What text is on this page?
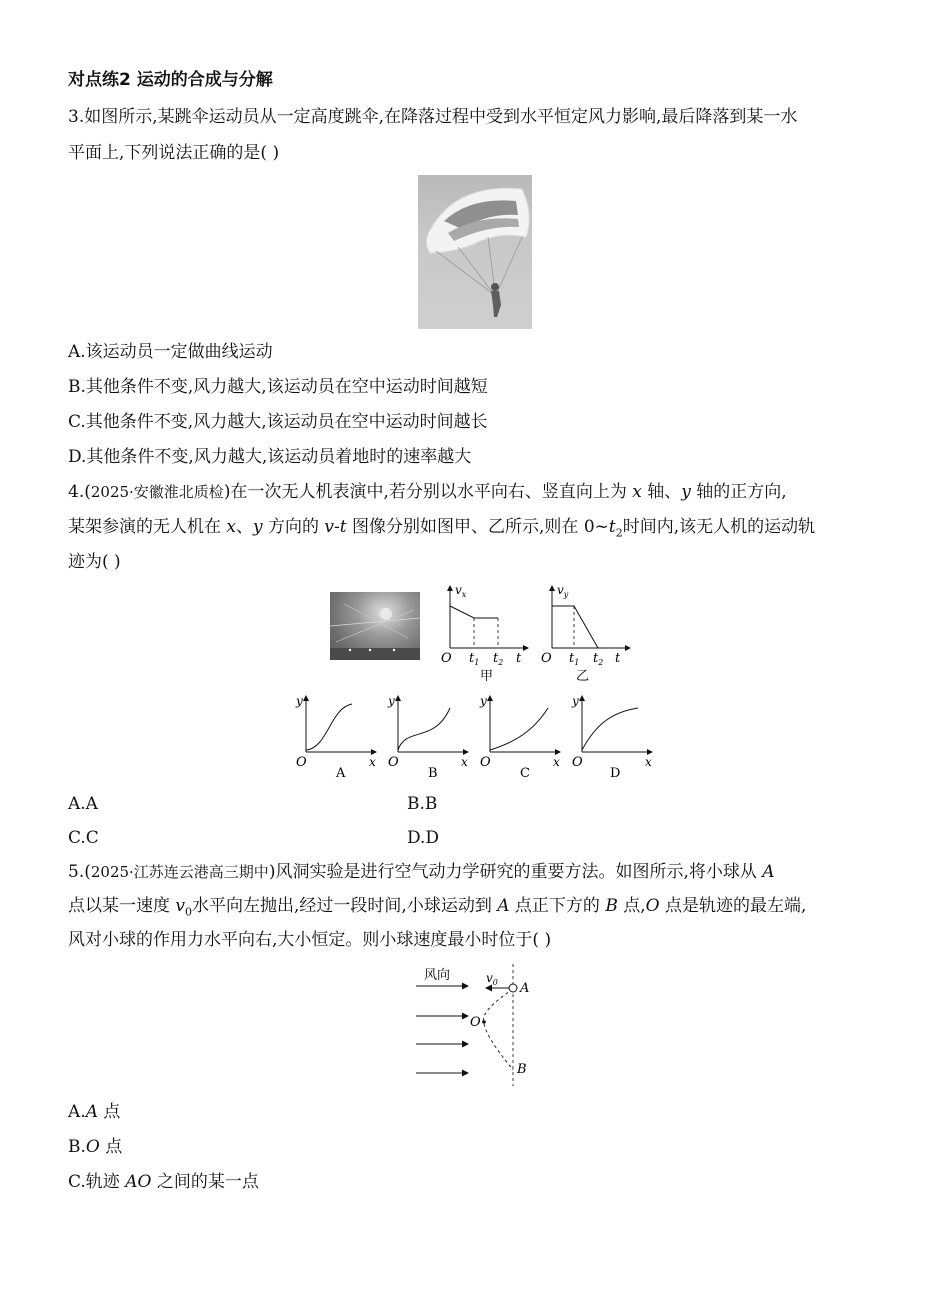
对点练2 运动的合成与分解
3.如图所示,某跳伞运动员从一定高度跳伞,在降落过程中受到水平恒定风力影响,最后降落到某一水
平面上,下列说法正确的是( )
A.该运动员一定做曲线运动
B.其他条件不变,风力越大,该运动员在空中运动时间越短
C.其他条件不变,风力越大,该运动员在空中运动时间越长
D.其他条件不变,风力越大,该运动员着地时的速率越大
4.(2025·安徽淮北质检)在一次无人机表演中,若分别以水平向右、竖直向上为 x 轴、y 轴的正方向,
某架参演的无人机在 x、y 方向的 v-t 图像分别如图甲、乙所示,则在 $0\sim t_2$时间内,该无人机的运动轨
迹为( )
$v_x$
O $t_1$ $t_2$ t
甲
$v_y$
O $t_1$ $t_2$ t
乙
y
O	x
A
y
O	x
B
y
O	x
C
y
O	x
D
A.A	B.B
C.C	D.D
5.(2025·江苏连云港高三期中)风洞实验是进行空气动力学研究的重要方法。如图所示,将小球从 A
点以某一速度 $v_0$水平向左抛出,经过一段时间,小球运动到 A 点正下方的 B 点,O 点是轨迹的最左端,
风对小球的作用力水平向右,大小恒定。则小球速度最小时位于( )
风向	$v_0$ A
O
B
A.A 点
B.O 点
C.轨迹 AO 之间的某一点
